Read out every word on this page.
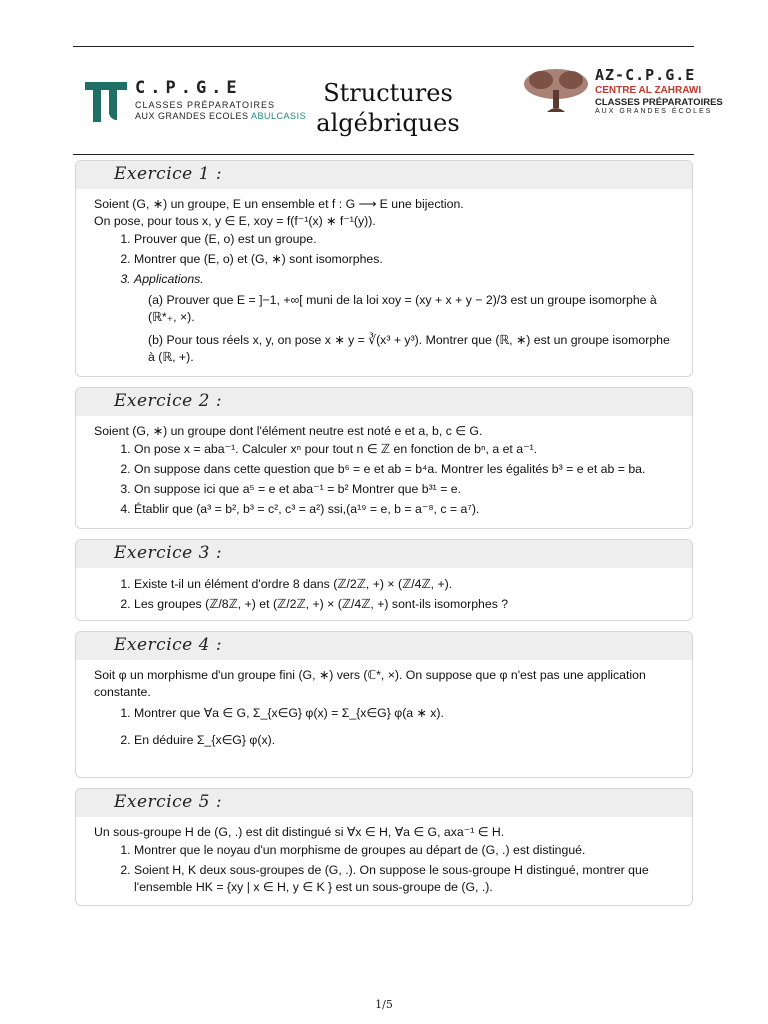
C.P.G.E
CLASSES PRÉPARATOIRES
AUX GRANDES ECOLES ABULCASIS
Structures
algébriques
AZ-C.P.G.E
CENTRE AL ZAHRAWI
CLASSES PRÉPARATOIRES
AUX GRANDES ÉCOLES
Exercice 1 :

Soient (G, ∗) un groupe, E un ensemble et f : G ⟶ E une bijection.

On pose, pour tous x, y ∈ E, xoy = f(f⁻¹(x) ∗ f⁻¹(y)).

1. Prouver que (E, o) est un groupe.
2. Montrer que (E, o) et (G, ∗) sont isomorphes.
3. Applications.
(a) Prouver que E = ]−1, +∞[ muni de la loi xoy = (xy + x + y − 2)/3 est un groupe isomorphe à (ℝ*₊, ×).
(b) Pour tous réels x, y, on pose x ∗ y = ∛(x³ + y³). Montrer que (ℝ, ∗) est un groupe isomorphe à (ℝ, +).
Exercice 2 :

Soient (G, ∗) un groupe dont l'élément neutre est noté e et a, b, c ∈ G.

1. On pose x = aba⁻¹. Calculer xⁿ pour tout n ∈ ℤ en fonction de bⁿ, a et a⁻¹.
2. On suppose dans cette question que b⁶ = e et ab = b⁴a. Montrer les égalités b³ = e et ab = ba.
3. On suppose ici que a⁵ = e et aba⁻¹ = b² Montrer que b³¹ = e.
4. Établir que (a³ = b², b³ = c², c³ = a²) ssi,(a¹⁹ = e, b = a⁻⁸, c = a⁷).
Exercice 3 :
1. Existe t-il un élément d'ordre 8 dans (ℤ/2ℤ, +) × (ℤ/4ℤ, +).
2. Les groupes (ℤ/8ℤ, +) et (ℤ/2ℤ, +) × (ℤ/4ℤ, +) sont-ils isomorphes ?
Exercice 4 :

Soit φ un morphisme d'un groupe fini (G, ∗) vers (ℂ*, ×). On suppose que φ n'est pas une application constante.

1. Montrer que ∀a ∈ G, Σ_{x∈G} φ(x) = Σ_{x∈G} φ(a ∗ x).
2. En déduire Σ_{x∈G} φ(x).
Exercice 5 :

Un sous-groupe H de (G, .) est dit distingué si ∀x ∈ H, ∀a ∈ G, axa⁻¹ ∈ H.

1. Montrer que le noyau d'un morphisme de groupes au départ de (G, .) est distingué.
2. Soient H, K deux sous-groupes de (G, .). On suppose le sous-groupe H distingué, montrer que l'ensemble HK = {xy | x ∈ H, y ∈ K } est un sous-groupe de (G, .).
1/5
